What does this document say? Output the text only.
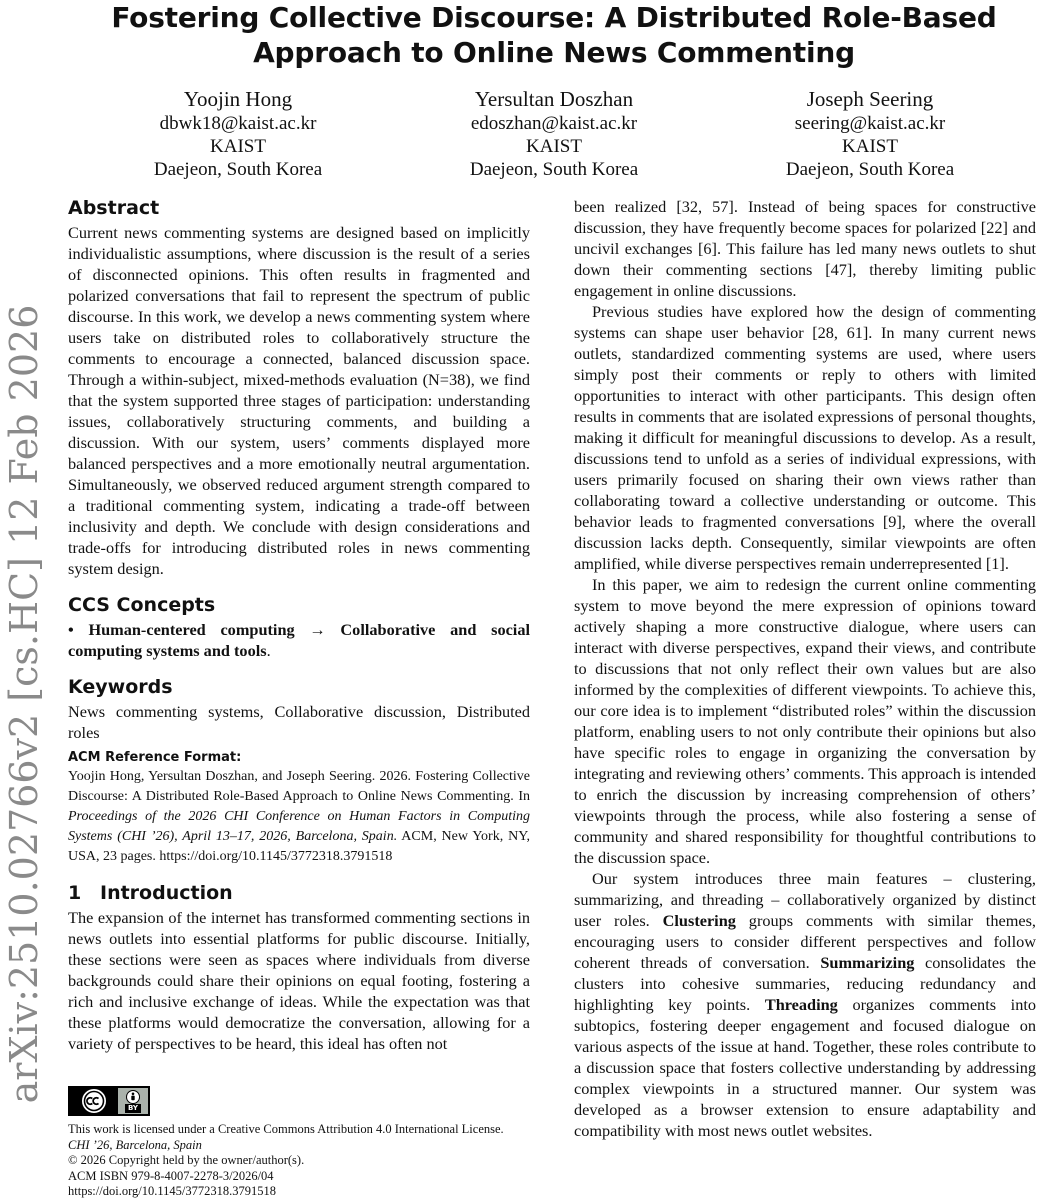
arXiv:2510.02766v2 [cs.HC] 12 Feb 2026
Fostering Collective Discourse: A Distributed Role-Based Approach to Online News Commenting
Yoojin Hong
dbwk18@kaist.ac.kr
KAIST
Daejeon, South Korea
Yersultan Doszhan
edoszhan@kaist.ac.kr
KAIST
Daejeon, South Korea
Joseph Seering
seering@kaist.ac.kr
KAIST
Daejeon, South Korea
Abstract

Current news commenting systems are designed based on implicitly individualistic assumptions, where discussion is the result of a series of disconnected opinions. This often results in fragmented and polarized conversations that fail to represent the spectrum of public discourse. In this work, we develop a news commenting system where users take on distributed roles to collaboratively structure the comments to encourage a connected, balanced discussion space. Through a within-subject, mixed-methods evaluation (N=38), we find that the system supported three stages of participation: understanding issues, collaboratively structuring comments, and building a discussion. With our system, users’ comments displayed more balanced perspectives and a more emotionally neutral argumentation. Simultaneously, we observed reduced argument strength compared to a traditional commenting system, indicating a trade-off between inclusivity and depth. We conclude with design considerations and trade-offs for introducing distributed roles in news commenting system design.

CCS Concepts

• Human-centered computing → Collaborative and social computing systems and tools.

Keywords

News commenting systems, Collaborative discussion, Distributed roles

ACM Reference Format:

Yoojin Hong, Yersultan Doszhan, and Joseph Seering. 2026. Fostering Collective Discourse: A Distributed Role-Based Approach to Online News Commenting. In Proceedings of the 2026 CHI Conference on Human Factors in Computing Systems (CHI ’26), April 13–17, 2026, Barcelona, Spain. ACM, New York, NY, USA, 23 pages. https://doi.org/10.1145/3772318.3791518

1 Introduction

The expansion of the internet has transformed commenting sections in news outlets into essential platforms for public discourse. Initially, these sections were seen as spaces where individuals from diverse backgrounds could share their opinions on equal footing, fostering a rich and inclusive exchange of ideas. While the expectation was that these platforms would democratize the conversation, allowing for a variety of perspectives to be heard, this ideal has often not

been realized [32, 57]. Instead of being spaces for constructive discussion, they have frequently become spaces for polarized [22] and uncivil exchanges [6]. This failure has led many news outlets to shut down their commenting sections [47], thereby limiting public engagement in online discussions.

Previous studies have explored how the design of commenting systems can shape user behavior [28, 61]. In many current news outlets, standardized commenting systems are used, where users simply post their comments or reply to others with limited opportunities to interact with other participants. This design often results in comments that are isolated expressions of personal thoughts, making it difficult for meaningful discussions to develop. As a result, discussions tend to unfold as a series of individual expressions, with users primarily focused on sharing their own views rather than collaborating toward a collective understanding or outcome. This behavior leads to fragmented conversations [9], where the overall discussion lacks depth. Consequently, similar viewpoints are often amplified, while diverse perspectives remain underrepresented [1].

In this paper, we aim to redesign the current online commenting system to move beyond the mere expression of opinions toward actively shaping a more constructive dialogue, where users can interact with diverse perspectives, expand their views, and contribute to discussions that not only reflect their own values but are also informed by the complexities of different viewpoints. To achieve this, our core idea is to implement “distributed roles” within the discussion platform, enabling users to not only contribute their opinions but also have specific roles to engage in organizing the conversation by integrating and reviewing others’ comments. This approach is intended to enrich the discussion by increasing comprehension of others’ viewpoints through the process, while also fostering a sense of community and shared responsibility for thoughtful contributions to the discussion space.

Our system introduces three main features – clustering, summarizing, and threading – collaboratively organized by distinct user roles. Clustering groups comments with similar themes, encouraging users to consider different perspectives and follow coherent threads of conversation. Summarizing consolidates the clusters into cohesive summaries, reducing redundancy and highlighting key points. Threading organizes comments into subtopics, fostering deeper engagement and focused dialogue on various aspects of the issue at hand. Together, these roles contribute to a discussion space that fosters collective understanding by addressing complex viewpoints in a structured manner. Our system was developed as a browser extension to ensure adaptability and compatibility with most news outlet websites.

BY
This work is licensed under a Creative Commons Attribution 4.0 International License.
CHI ’26, Barcelona, Spain
© 2026 Copyright held by the owner/author(s).
ACM ISBN 979-8-4007-2278-3/2026/04
https://doi.org/10.1145/3772318.3791518
